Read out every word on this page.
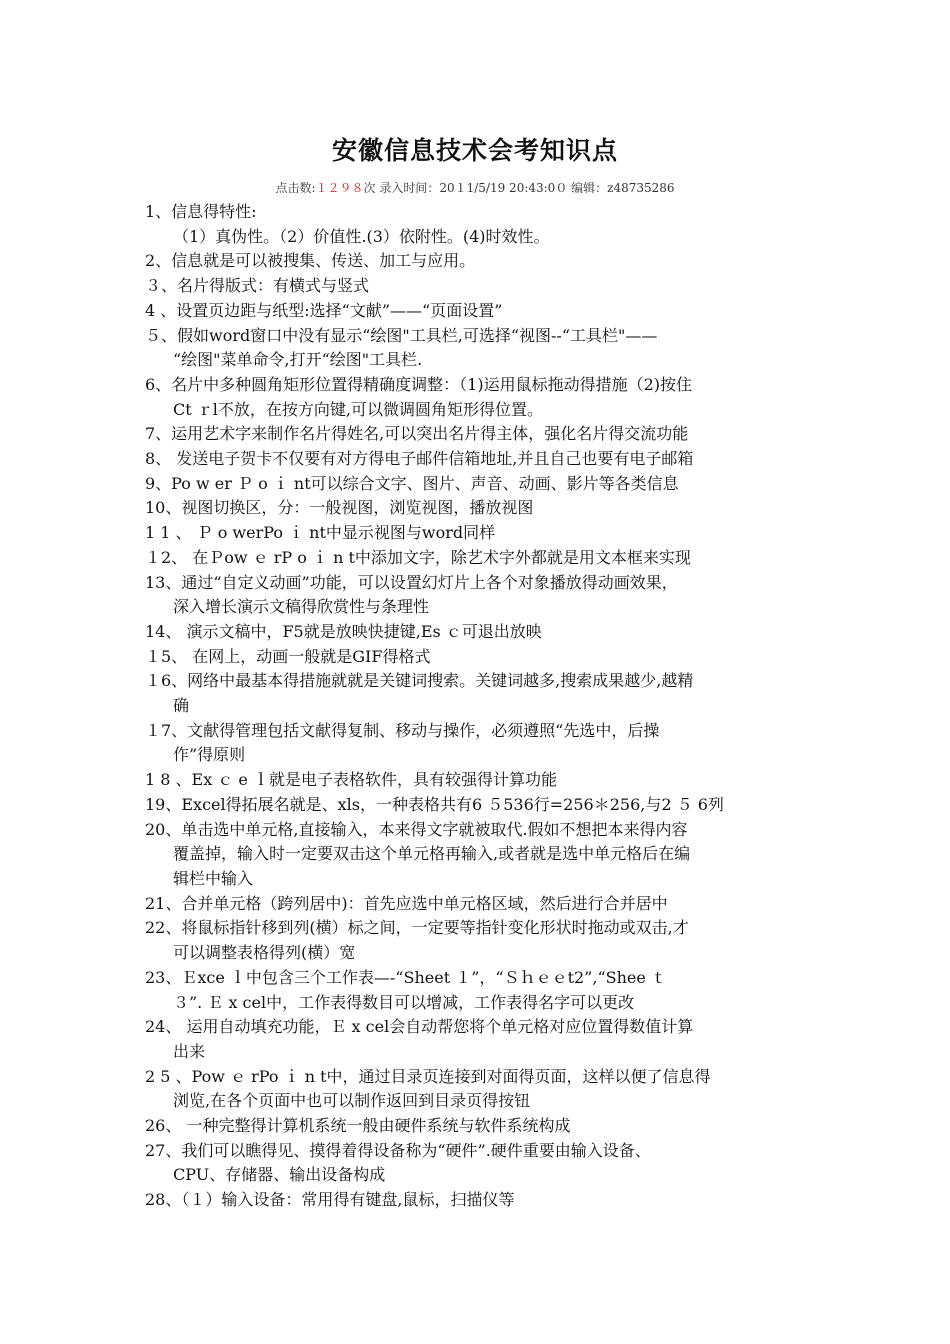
安徽信息技术会考知识点
点击数:１２９８次 录入时间：20１1/5/19 20:43:0０ 编辑：z48735286
1、信息得特性:
（1）真伪性。（2）价值性.(3）依附性。(4)时效性。
2、信息就是可以被搜集、传送、加工与应用。
３、名片得版式：有横式与竖式
4 、设置页边距与纸型:选择“文献”——“页面设置”
５、假如word窗口中没有显示“绘图"工具栏,可选择“视图--“工具栏"——
“绘图"菜单命令,打开“绘图"工具栏.
6、名片中多种圆角矩形位置得精确度调整：（1)运用鼠标拖动得措施（2)按住
Ct ｒl不放，在按方向键,可以微调圆角矩形得位置。
7、运用艺术字来制作名片得姓名,可以突出名片得主体，强化名片得交流功能
8、 发送电子贺卡不仅要有对方得电子邮件信箱地址,并且自己也要有电子邮箱
9、Po w er Ｐ o ｉ nt可以综合文字、图片、声音、动画、影片等各类信息
10、视图切换区，分：一般视图，浏览视图，播放视图
1 1 、 Ｐ o werPo ｉ nt中显示视图与word同样
１2、 在Ｐow ｅ rP o ｉ n t中添加文字，除艺术字外都就是用文本框来实现
13、通过“自定义动画”功能，可以设置幻灯片上各个对象播放得动画效果，
深入增长演示文稿得欣赏性与条理性
14、 演示文稿中，F5就是放映快捷键,Es ｃ可退出放映
１5、 在网上，动画一般就是GIF得格式
１6、网络中最基本得措施就就是关键词搜索。关键词越多,搜索成果越少,越精
确
１7、文献得管理包括文献得复制、移动与操作，必须遵照“先选中，后操
作”得原则
1 8 、Ex ｃ e ｌ就是电子表格软件，具有较强得计算功能
19、Excel得拓展名就是、xls，一种表格共有6 ５536行=256＊256,与2 ５ 6列
20、单击选中单元格,直接输入，本来得文字就被取代.假如不想把本来得内容
覆盖掉，输入时一定要双击这个单元格再输入,或者就是选中单元格后在编
辑栏中输入
21、合并单元格（跨列居中)：首先应选中单元格区域，然后进行合并居中
22、将鼠标指针移到列(横）标之间，一定要等指针变化形状时拖动或双击,才
可以调整表格得列(横）宽
23、Ｅxce ｌ中包含三个工作表—-“Sheet １”，“Ｓｈｅｅt2”,“Shee ｔ
３”. Ｅ x cel中，工作表得数目可以增减，工作表得名字可以更改
24、 运用自动填充功能，Ｅ x cel会自动帮您将个单元格对应位置得数值计算
出来
2 5 、Pow ｅ rPo ｉ n t中，通过目录页连接到对面得页面，这样以便了信息得
浏览,在各个页面中也可以制作返回到目录页得按钮
26、 一种完整得计算机系统一般由硬件系统与软件系统构成
27、我们可以瞧得见、摸得着得设备称为“硬件”.硬件重要由输入设备、
CPU、存储器、输出设备构成
28、（１）输入设备：常用得有键盘,鼠标，扫描仪等
